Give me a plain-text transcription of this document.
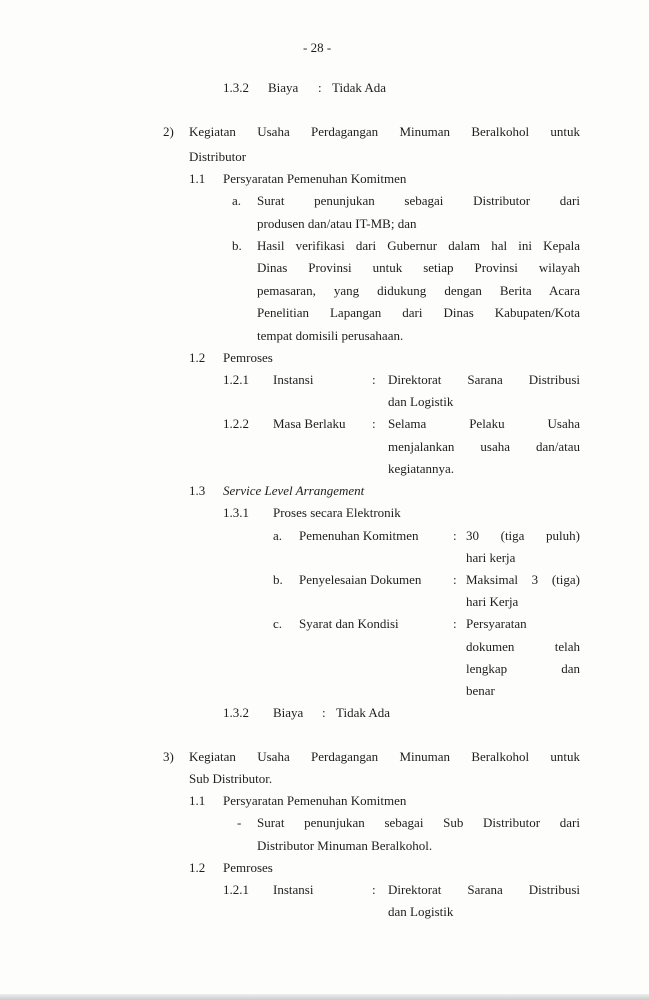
- 28 -
1.3.2 Biaya : Tidak Ada
2) Kegiatan Usaha Perdagangan Minuman Beralkohol untuk
Distributor
1.1 Persyaratan Pemenuhan Komitmen
a. Surat penunjukan sebagai Distributor dari
produsen dan/atau IT-MB; dan
b. Hasil verifikasi dari Gubernur dalam hal ini Kepala
Dinas Provinsi untuk setiap Provinsi wilayah
pemasaran, yang didukung dengan Berita Acara
Penelitian Lapangan dari Dinas Kabupaten/Kota
tempat domisili perusahaan.
1.2 Pemroses
1.2.1 Instansi	: Direktorat Sarana Distribusi
dan Logistik
1.2.2 Masa Berlaku : Selama Pelaku Usaha
menjalankan usaha dan/atau
kegiatannya.
1.3 Service Level Arrangement
1.3.1 Proses secara Elektronik
a. Pemenuhan Komitmen	: 30 (tiga puluh)
hari kerja
b. Penyelesaian Dokumen : Maksimal 3 (tiga)
hari Kerja
c. Syarat dan Kondisi	: Persyaratan
dokumen telah
lengkap dan
benar
1.3.2 Biaya : Tidak Ada
3) Kegiatan Usaha Perdagangan Minuman Beralkohol untuk
Sub Distributor.
1.1 Persyaratan Pemenuhan Komitmen
- Surat penunjukan sebagai Sub Distributor dari
Distributor Minuman Beralkohol.
1.2 Pemroses
1.2.1 Instansi	: Direktorat Sarana Distribusi
dan Logistik
